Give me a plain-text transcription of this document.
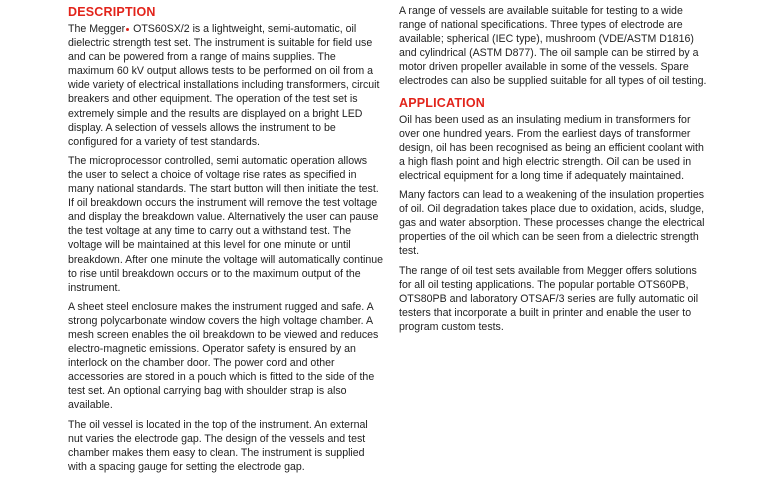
DESCRIPTION

The Megger OTS60SX/2 is a lightweight, semi-automatic, oil dielectric strength test set. The instrument is suitable for field use and can be powered from a range of mains supplies. The maximum 60 kV output allows tests to be performed on oil from a wide variety of electrical installations including transformers, circuit breakers and other equipment. The operation of the test set is extremely simple and the results are displayed on a bright LED display. A selection of vessels allows the instrument to be configured for a variety of test standards.

The microprocessor controlled, semi automatic operation allows the user to select a choice of voltage rise rates as specified in many national standards. The start button will then initiate the test. If oil breakdown occurs the instrument will remove the test voltage and display the breakdown value. Alternatively the user can pause the test voltage at any time to carry out a withstand test. The voltage will be maintained at this level for one minute or until breakdown. After one minute the voltage will automatically continue to rise until breakdown occurs or to the maximum output of the instrument.

A sheet steel enclosure makes the instrument rugged and safe. A strong polycarbonate window covers the high voltage chamber. A mesh screen enables the oil breakdown to be viewed and reduces electro-magnetic emissions. Operator safety is ensured by an interlock on the chamber door. The power cord and other accessories are stored in a pouch which is fitted to the side of the test set. An optional carrying bag with shoulder strap is also available.

The oil vessel is located in the top of the instrument. An external nut varies the electrode gap. The design of the vessels and test chamber makes them easy to clean. The instrument is supplied with a spacing gauge for setting the electrode gap.

A range of vessels are available suitable for testing to a wide range of national specifications. Three types of electrode are available; spherical (IEC type), mushroom (VDE/ASTM D1816) and cylindrical (ASTM D877). The oil sample can be stirred by a motor driven propeller available in some of the vessels. Spare electrodes can also be supplied suitable for all types of oil testing.

APPLICATION

Oil has been used as an insulating medium in transformers for over one hundred years. From the earliest days of transformer design, oil has been recognised as being an efficient coolant with a high flash point and high electric strength. Oil can be used in electrical equipment for a long time if adequately maintained.

Many factors can lead to a weakening of the insulation properties of oil. Oil degradation takes place due to oxidation, acids, sludge, gas and water absorption. These processes change the electrical properties of the oil which can be seen from a dielectric strength test.

The range of oil test sets available from Megger offers solutions for all oil testing applications. The popular portable OTS60PB, OTS80PB and laboratory OTSAF/3 series are fully automatic oil testers that incorporate a built in printer and enable the user to program custom tests.
